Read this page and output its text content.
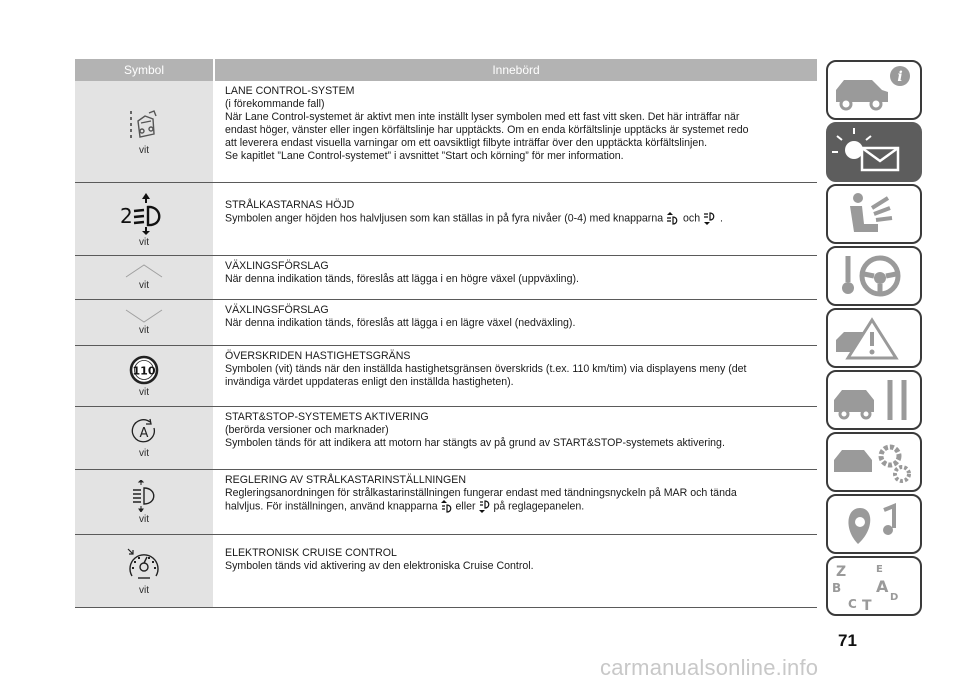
Symbol	Innebörd
vit
LANE CONTROL-SYSTEM
(i förekommande fall)
När Lane Control-systemet är aktivt men inte inställt lyser symbolen med ett fast vitt sken. Det här inträffar när
endast höger, vänster eller ingen körfältslinje har upptäckts. Om en enda körfältslinje upptäcks är systemet redo
att leverera endast visuella varningar om ett oavsiktligt filbyte inträffar över den upptäckta körfältslinjen.
Se kapitlet ”Lane Control-systemet” i avsnittet ”Start och körning” för mer information.
2
vit
STRÅLKASTARNAS HÖJD
Symbolen anger höjden hos halvljusen som kan ställas in på fyra nivåer (0-4) med knapparna och .
vit
VÄXLINGSFÖRSLAG
När denna indikation tänds, föreslås att lägga i en högre växel (uppväxling).
vit
VÄXLINGSFÖRSLAG
När denna indikation tänds, föreslås att lägga i en lägre växel (nedväxling).
110
vit
ÖVERSKRIDEN HASTIGHETSGRÄNS
Symbolen (vit) tänds när den inställda hastighetsgränsen överskrids (t.ex. 110 km/tim) via displayens meny (det
invändiga värdet uppdateras enligt den inställda hastigheten).
A
vit
START&STOP-SYSTEMETS AKTIVERING
(berörda versioner och marknader)
Symbolen tänds för att indikera att motorn har stängts av på grund av START&STOP-systemets aktivering.
vit
REGLERING AV STRÅLKASTARINSTÄLLNINGEN
Regleringsanordningen för strålkastarinställningen fungerar endast med tändningsnyckeln på MAR och tända
halvljus. För inställningen, använd knapparna eller på reglagepanelen.
vit
ELEKTRONISK CRUISE CONTROL
Symbolen tänds vid aktivering av den elektroniska Cruise Control.
i
Z	E
A
B
C T
D
71
carmanualsonline.info
